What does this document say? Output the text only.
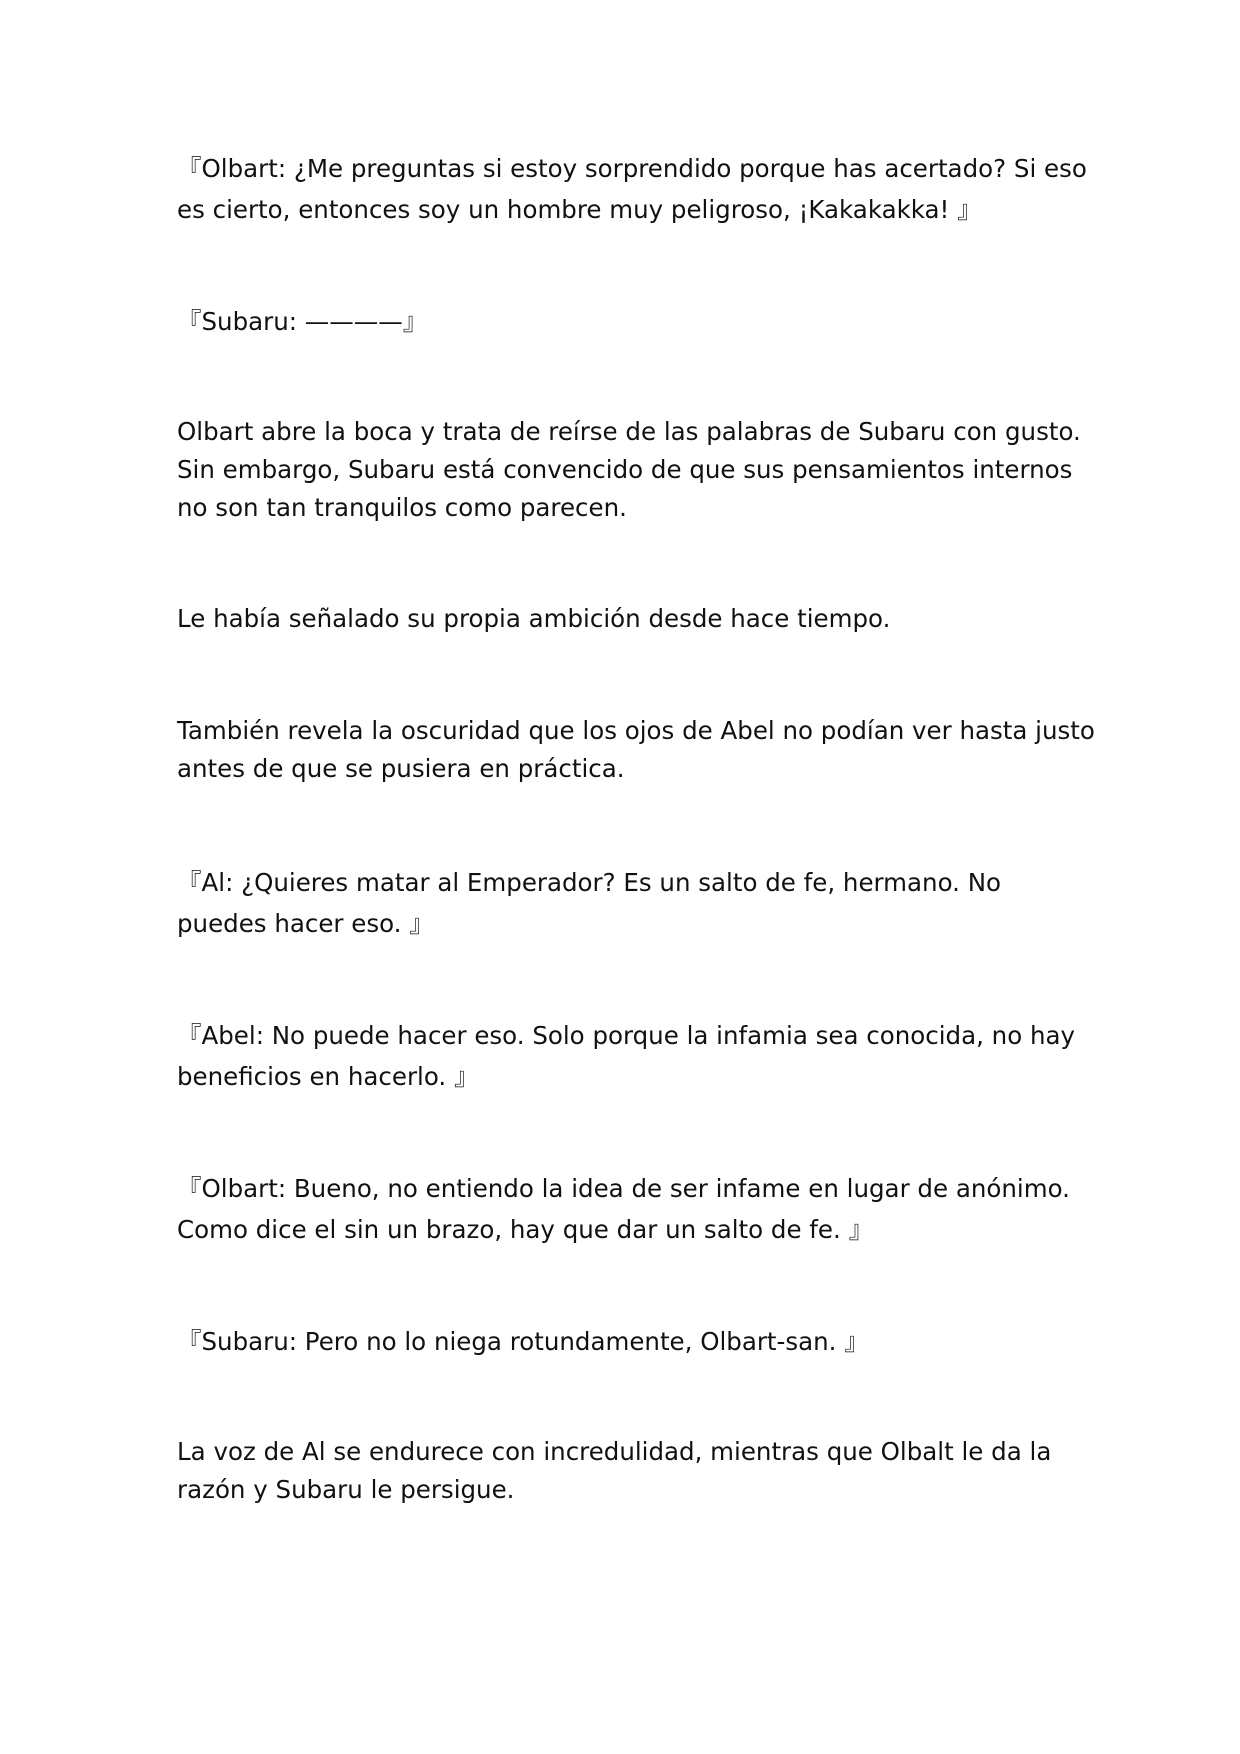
『Olbart: ¿Me preguntas si estoy sorprendido porque has acertado? Si eso
es cierto, entonces soy un hombre muy peligroso, ¡Kakakakka! 』

『Subaru: ————』

Olbart abre la boca y trata de reírse de las palabras de Subaru con gusto.
Sin embargo, Subaru está convencido de que sus pensamientos internos
no son tan tranquilos como parecen.

Le había señalado su propia ambición desde hace tiempo.

También revela la oscuridad que los ojos de Abel no podían ver hasta justo
antes de que se pusiera en práctica.

『Al: ¿Quieres matar al Emperador? Es un salto de fe, hermano. No
puedes hacer eso. 』

『Abel: No puede hacer eso. Solo porque la infamia sea conocida, no hay
beneficios en hacerlo. 』

『Olbart: Bueno, no entiendo la idea de ser infame en lugar de anónimo.
Como dice el sin un brazo, hay que dar un salto de fe. 』

『Subaru: Pero no lo niega rotundamente, Olbart-san. 』

La voz de Al se endurece con incredulidad, mientras que Olbalt le da la
razón y Subaru le persigue.
